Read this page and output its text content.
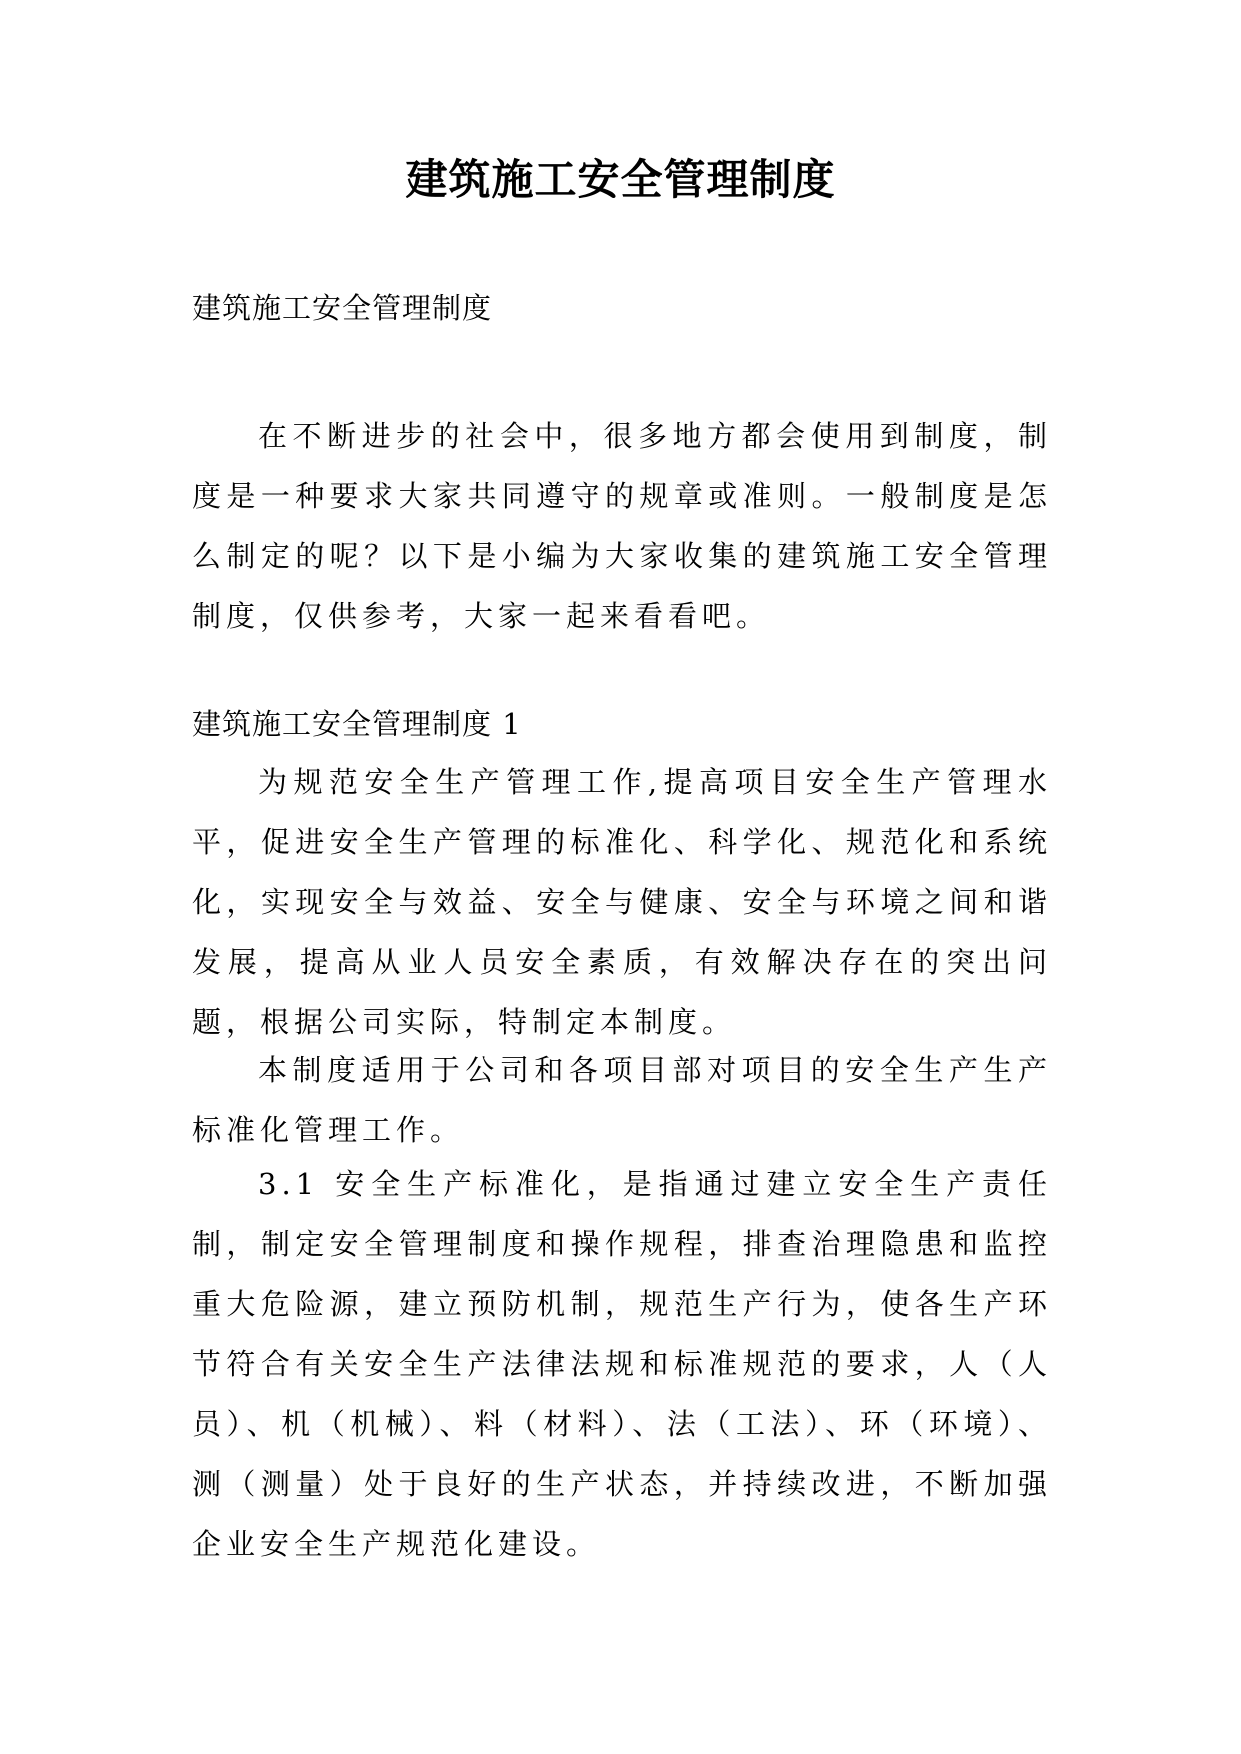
建筑施工安全管理制度
建筑施工安全管理制度

在不断进步的社会中，很多地方都会使用到制度，制度是一种要求大家共同遵守的规章或准则。一般制度是怎么制定的呢？以下是小编为大家收集的建筑施工安全管理制度，仅供参考，大家一起来看看吧。

建筑施工安全管理制度 1

为规范安全生产管理工作,提高项目安全生产管理水平，促进安全生产管理的标准化、科学化、规范化和系统化，实现安全与效益、安全与健康、安全与环境之间和谐发展，提高从业人员安全素质，有效解决存在的突出问题，根据公司实际，特制定本制度。

本制度适用于公司和各项目部对项目的安全生产生产标准化管理工作。

3.1 安全生产标准化，是指通过建立安全生产责任制，制定安全管理制度和操作规程，排查治理隐患和监控重大危险源，建立预防机制，规范生产行为，使各生产环节符合有关安全生产法律法规和标准规范的要求，人（人员）、机（机械）、料（材料）、法（工法）、环（环境）、测（测量）处于良好的生产状态，并持续改进，不断加强企业安全生产规范化建设。
